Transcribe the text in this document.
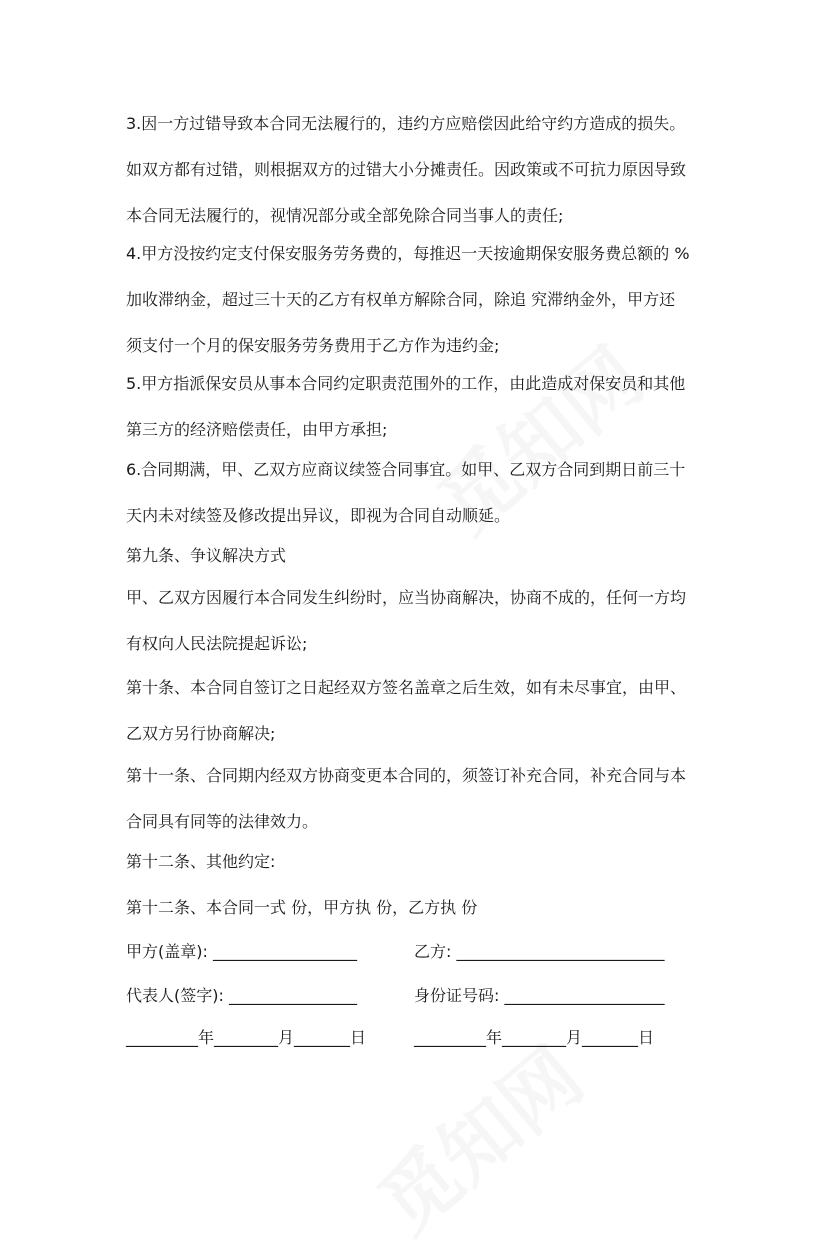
3.因一方过错导致本合同无法履行的，违约方应赔偿因此给守约方造成的损失。
如双方都有过错，则根据双方的过错大小分摊责任。因政策或不可抗力原因导致
本合同无法履行的，视情况部分或全部免除合同当事人的责任;
4.甲方没按约定支付保安服务劳务费的，每推迟一天按逾期保安服务费总额的 %
加收滞纳金，超过三十天的乙方有权单方解除合同，除追 究滞纳金外，甲方还
须支付一个月的保安服务劳务费用于乙方作为违约金;
5.甲方指派保安员从事本合同约定职责范围外的工作，由此造成对保安员和其他
第三方的经济赔偿责任，由甲方承担;
6.合同期满，甲、乙双方应商议续签合同事宜。如甲、乙双方合同到期日前三十
天内未对续签及修改提出异议，即视为合同自动顺延。
第九条、争议解决方式
甲、乙双方因履行本合同发生纠纷时，应当协商解决，协商不成的，任何一方均
有权向人民法院提起诉讼;
第十条、本合同自签订之日起经双方签名盖章之后生效，如有未尽事宜，由甲、
乙双方另行协商解决;
第十一条、合同期内经双方协商变更本合同的，须签订补充合同，补充合同与本
合同具有同等的法律效力。
第十二条、其他约定:
第十二条、本合同一式 份，甲方执 份，乙方执 份
甲方(盖章): __________________	乙方: __________________________
代表人(签字): ________________	身份证号码: ____________________
_________年________月_______日	_________年________月_______日
